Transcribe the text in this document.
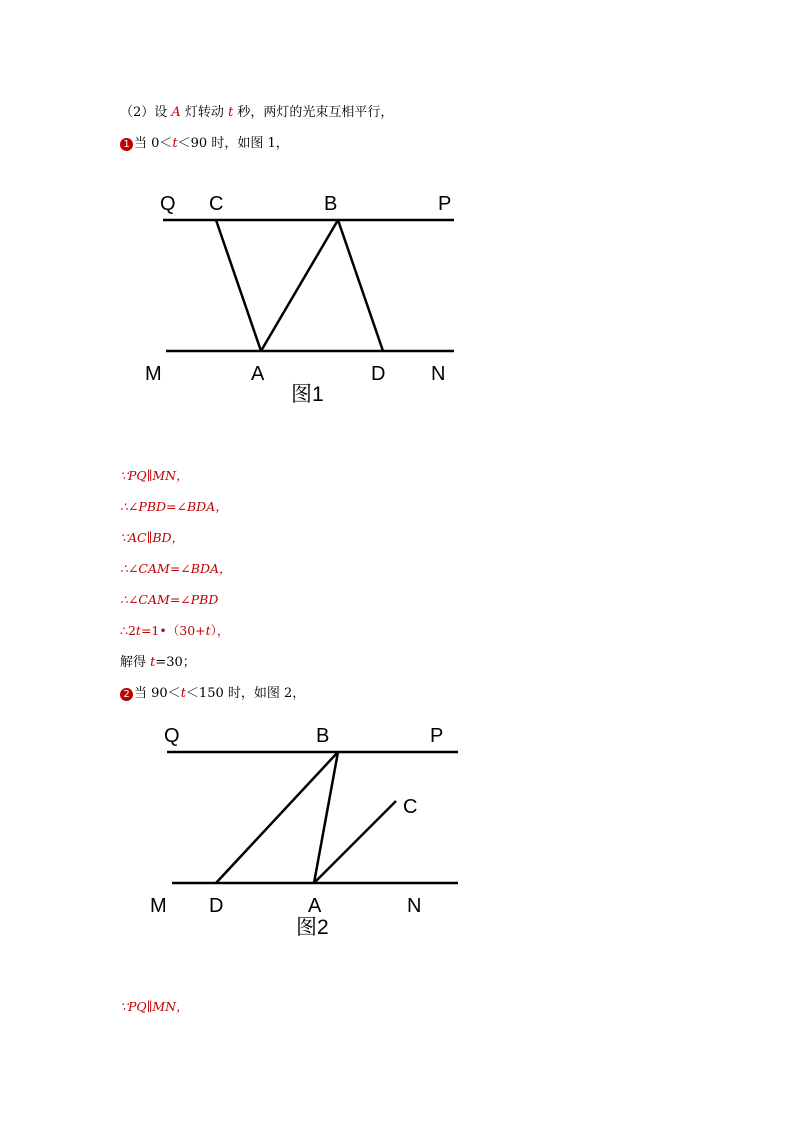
（2）设 A 灯转动 t 秒，两灯的光束互相平行，
1 当 0＜t＜90 时，如图 1，
Q C	B	P
M	A	D N
图1
Q	B	P
C
M D	A	N
图2
∵PQ∥MN，
∴∠PBD=∠BDA，
∵AC∥BD，
∴∠CAM=∠BDA，
∴∠CAM=∠PBD
∴2t=1•（30+t），
解得 t=30；
2 当 90＜t＜150 时，如图 2，
∵PQ∥MN，
